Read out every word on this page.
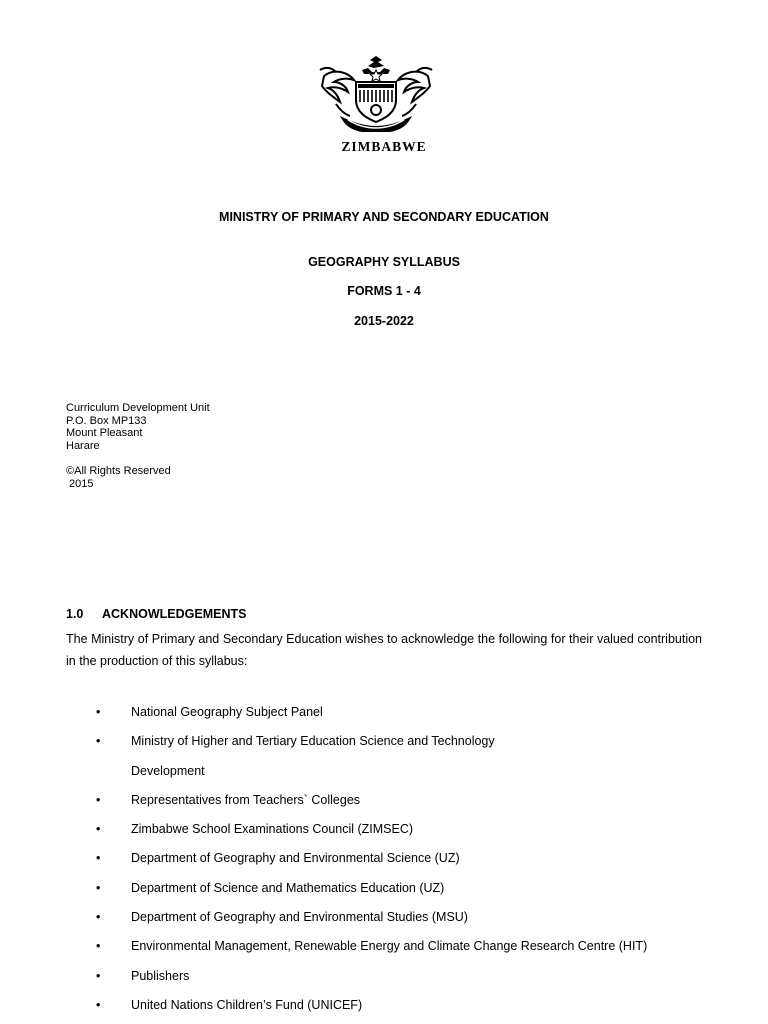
ZIMBABWE
MINISTRY OF PRIMARY AND SECONDARY EDUCATION
GEOGRAPHY SYLLABUS
FORMS 1 - 4
2015-2022
Curriculum Development Unit
P.O. Box MP133
Mount Pleasant
Harare
©All Rights Reserved
2015
1.0 ACKNOWLEDGEMENTS
The Ministry of Primary and Secondary Education wishes to acknowledge the following for their valued contribution in the production of this syllabus:
•	National Geography Subject Panel
•	Ministry of Higher and Tertiary Education Science and Technology
Development
•	Representatives from Teachers` Colleges
•	Zimbabwe School Examinations Council (ZIMSEC)
•	Department of Geography and Environmental Science (UZ)
•	Department of Science and Mathematics Education (UZ)
•	Department of Geography and Environmental Studies (MSU)
•	Environmental Management, Renewable Energy and Climate Change Research Centre (HIT)
•	Publishers
•	United Nations Children’s Fund (UNICEF)
